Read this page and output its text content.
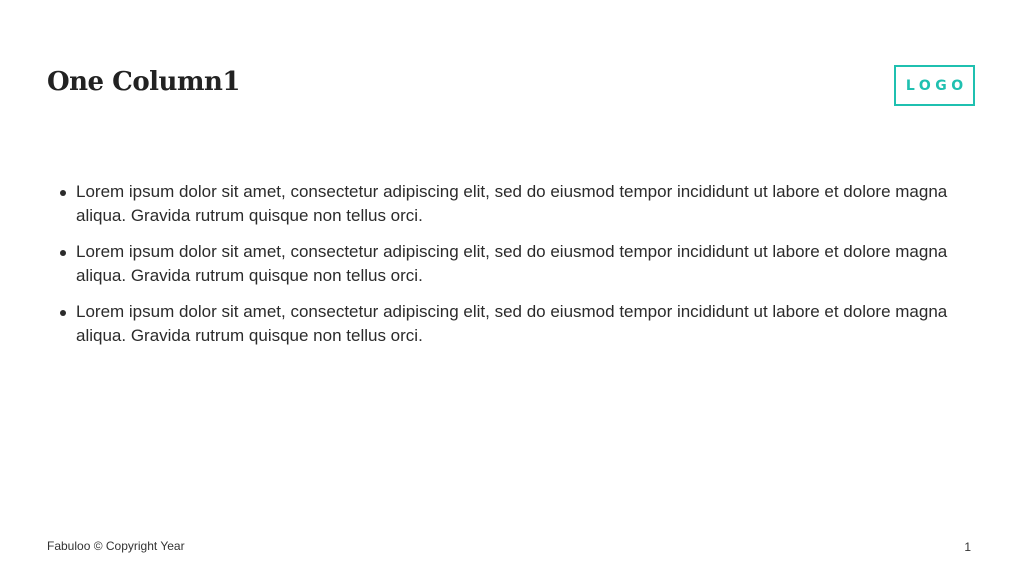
One Column1	LOGO
Lorem ipsum dolor sit amet, consectetur adipiscing elit, sed do eiusmod tempor incididunt ut labore et dolore magna aliqua. Gravida rutrum quisque non tellus orci.
Lorem ipsum dolor sit amet, consectetur adipiscing elit, sed do eiusmod tempor incididunt ut labore et dolore magna aliqua. Gravida rutrum quisque non tellus orci.
Lorem ipsum dolor sit amet, consectetur adipiscing elit, sed do eiusmod tempor incididunt ut labore et dolore magna aliqua. Gravida rutrum quisque non tellus orci.
Fabuloo © Copyright Year	1
